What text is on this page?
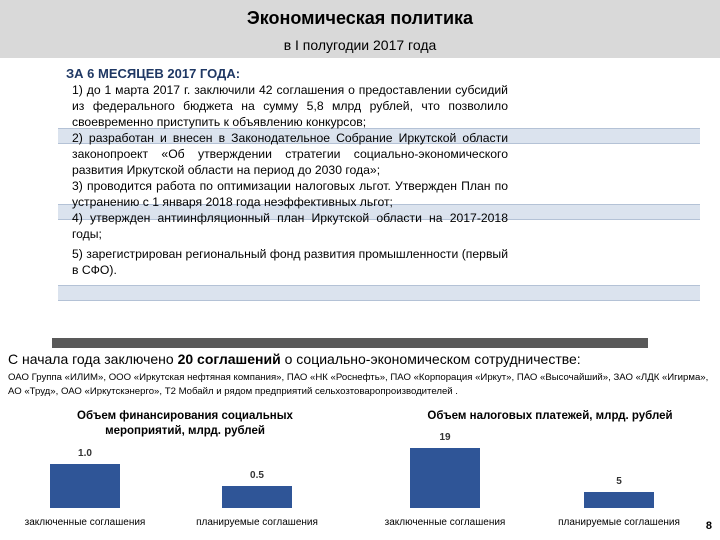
Экономическая политика
в I полугодии 2017 года
ЗА 6 МЕСЯЦЕВ 2017 ГОДА:

1) до 1 марта 2017 г. заключили 42 соглашения о предоставлении субсидий из федерального бюджета на сумму 5,8 млрд рублей, что позволило своевременно приступить к объявлению конкурсов;

2) разработан и внесен в Законодательное Собрание Иркутской области законопроект «Об утверждении стратегии социально-экономического развития Иркутской области на период до 2030 года»;

3) проводится работа по оптимизации налоговых льгот. Утвержден План по устранению с 1 января 2018 года неэффективных льгот;

4) утвержден антиинфляционный план Иркутской области на 2017-2018 годы;

5) зарегистрирован региональный фонд развития промышленности (первый в СФО).

С начала года заключено 20 соглашений о социально-экономическом сотрудничестве:
ОАО Группа «ИЛИМ», ООО «Иркутская нефтяная компания», ПАО «НК «Роснефть», ПАО «Корпорация «Иркут», ПАО «Высочайший», ЗАО «ЛДК «Игирма», АО «Труд», ОАО «Иркутскэнерго», Т2 Мобайл и рядом предприятий сельхозтоваропроизводителей .
Объем финансирования социальных мероприятий, млрд. рублей
1.0
заключенные соглашения
0.5
планируемые соглашения
Объем налоговых платежей, млрд. рублей
19
заключенные соглашения
5
планируемые соглашения	8
